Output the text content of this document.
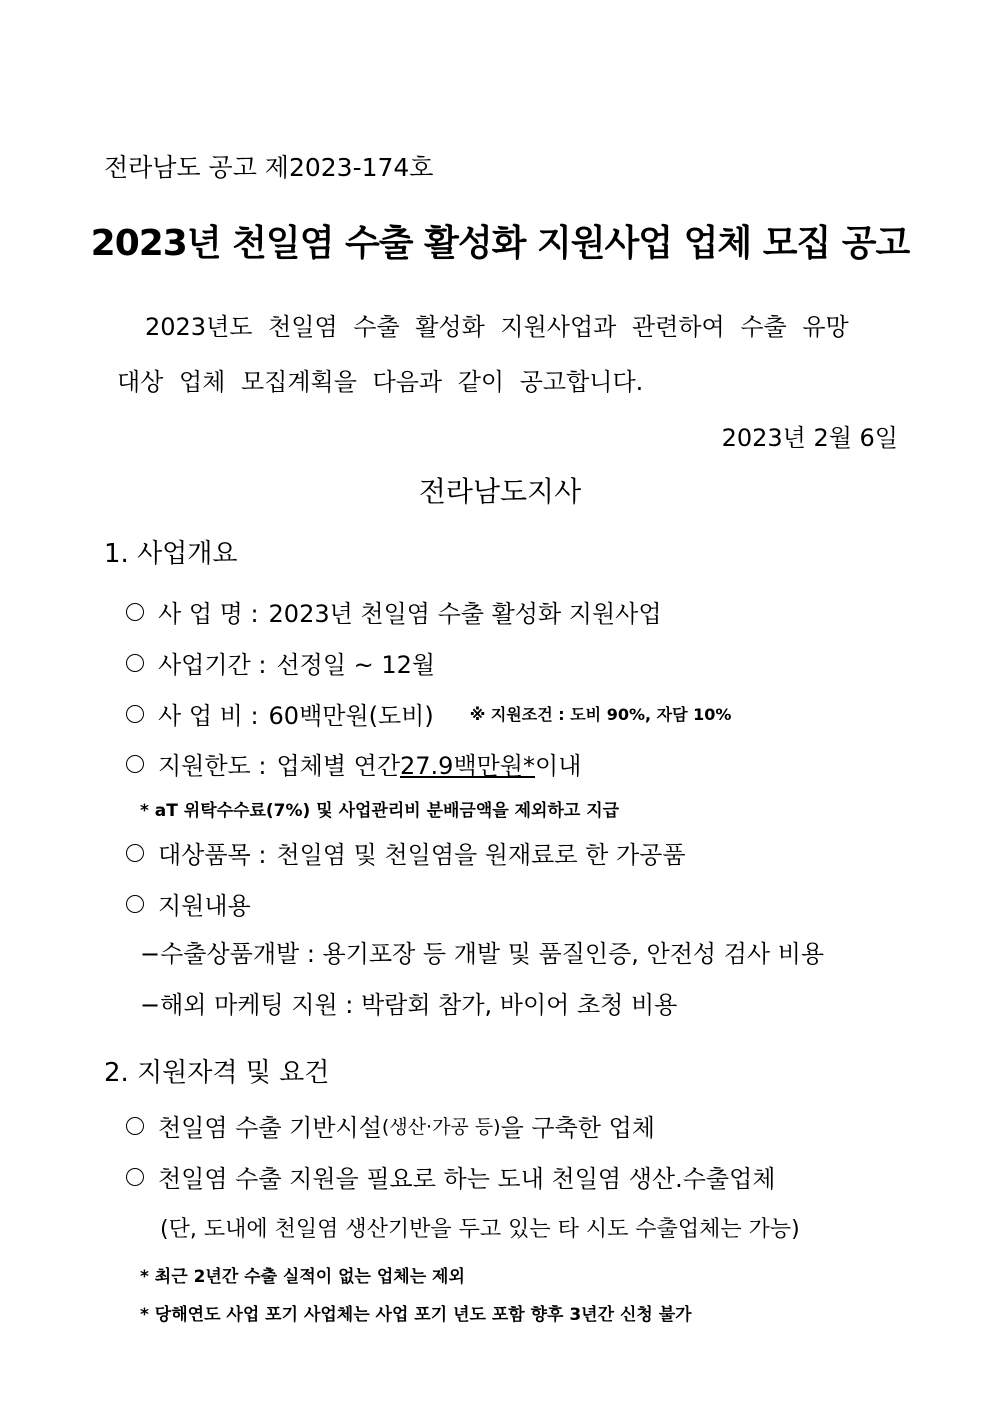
전라남도 공고 제2023-174호
2023년 천일염 수출 활성화 지원사업 업체 모집 공고
2023년도 천일염 수출 활성화 지원사업과 관련하여 수출 유망
대상 업체 모집계획을 다음과 같이 공고합니다.
2023년 2월 6일
전라남도지사
1. 사업개요
사 업 명 : 2023년 천일염 수출 활성화 지원사업
사업기간 : 선정일 ~ 12월
사 업 비 : 60백만원(도비) ※ 지원조건 : 도비 90%, 자담 10%
지원한도 : 업체별 연간 27.9백만원* 이내
* aT 위탁수수료(7%) 및 사업관리비 분배금액을 제외하고 지급
대상품목 : 천일염 및 천일염을 원재료로 한 가공품
지원내용
−수출상품개발 : 용기포장 등 개발 및 품질인증, 안전성 검사 비용
−해외 마케팅 지원 : 박람회 참가, 바이어 초청 비용
2. 지원자격 및 요건
천일염 수출 기반시설 (생산·가공 등) 을 구축한 업체
천일염 수출 지원을 필요로 하는 도내 천일염 생산.수출업체
(단, 도내에 천일염 생산기반을 두고 있는 타 시도 수출업체는 가능)
* 최근 2년간 수출 실적이 없는 업체는 제외
* 당해연도 사업 포기 사업체는 사업 포기 년도 포함 향후 3년간 신청 불가
